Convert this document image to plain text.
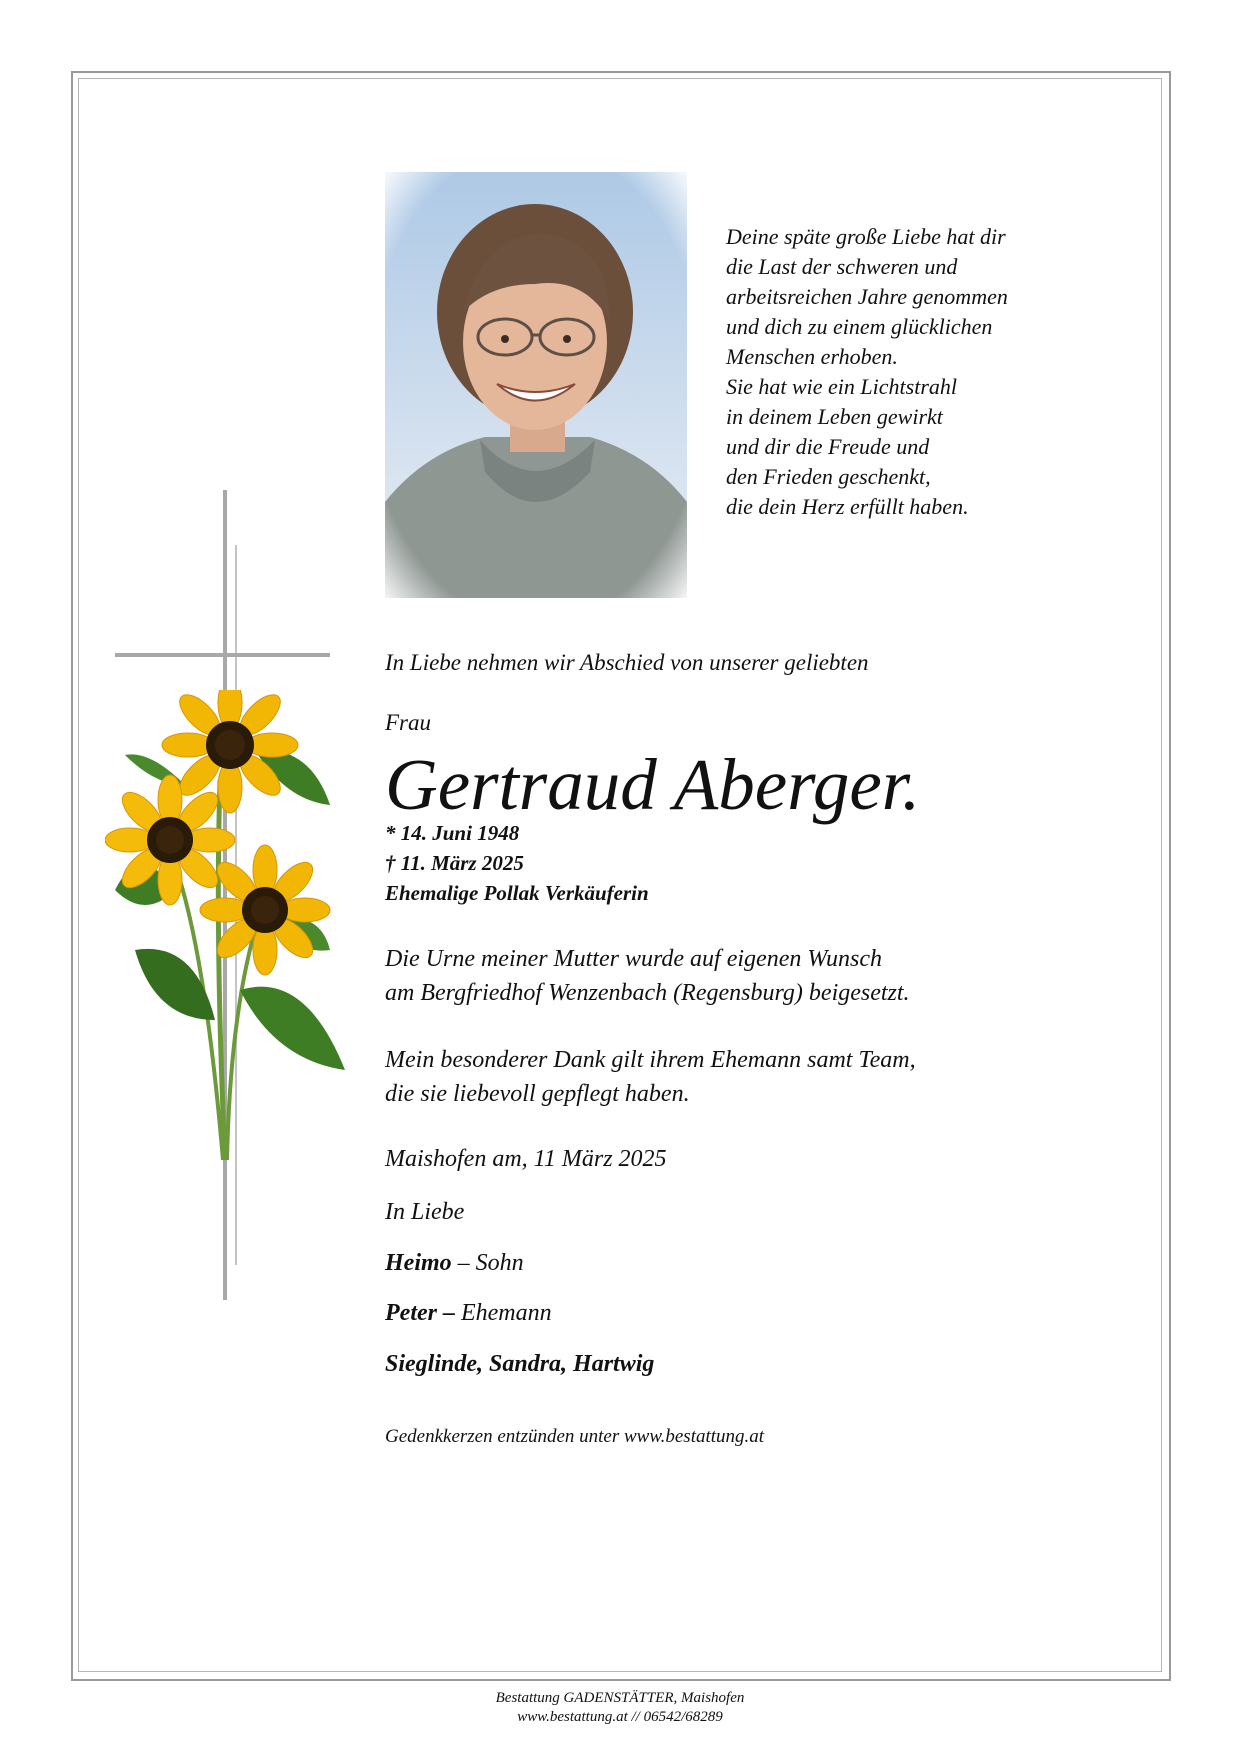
Deine späte große Liebe hat dir
die Last der schweren und
arbeitsreichen Jahre genommen
und dich zu einem glücklichen
Menschen erhoben.
Sie hat wie ein Lichtstrahl
in deinem Leben gewirkt
und dir die Freude und
den Frieden geschenkt,
die dein Herz erfüllt haben.
In Liebe nehmen wir Abschied von unserer geliebten
Frau
Gertraud Aberger.
* 14. Juni 1948
† 11. März 2025
Ehemalige Pollak Verkäuferin
Die Urne meiner Mutter wurde auf eigenen Wunsch
am Bergfriedhof Wenzenbach (Regensburg) beigesetzt.
Mein besonderer Dank gilt ihrem Ehemann samt Team,
die sie liebevoll gepflegt haben.
Maishofen am, 11 März 2025
In Liebe
Heimo – Sohn
Peter – Ehemann
Sieglinde, Sandra, Hartwig
Gedenkkerzen entzünden unter www.bestattung.at
Bestattung GADENSTÄTTER, Maishofen
www.bestattung.at // 06542/68289
